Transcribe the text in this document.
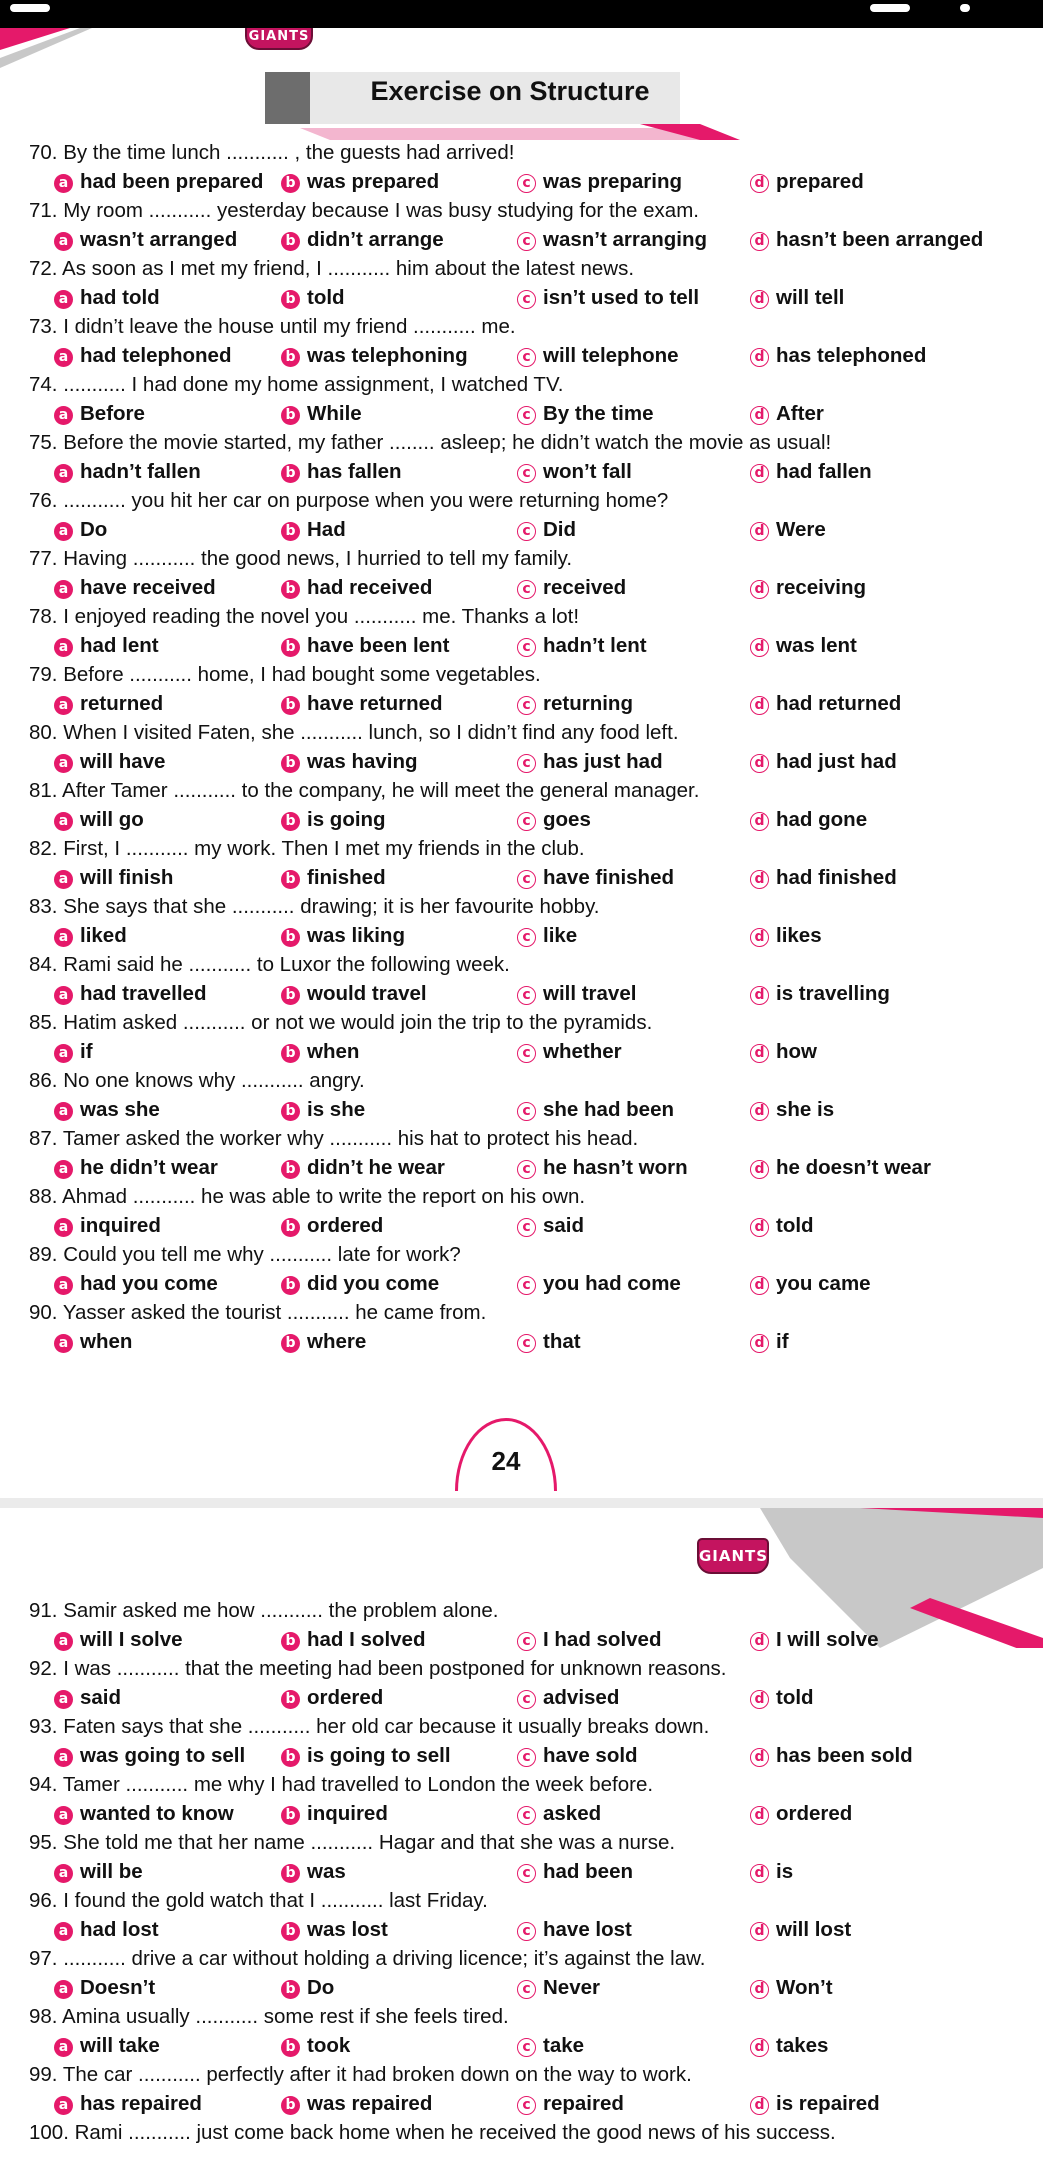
GIANTS
Exercise on Structure
70. By the time lunch ........... , the guests had arrived!
a had been prepared	b was prepared	c was preparing	d prepared
71. My room ........... yesterday because I was busy studying for the exam.
a wasn’t arranged	b didn’t arrange	c wasn’t arranging	d hasn’t been arranged
72. As soon as I met my friend, I ........... him about the latest news.
a had told	b told	c isn’t used to tell	d will tell
73. I didn’t leave the house until my friend ........... me.
a had telephoned	b was telephoning	c will telephone	d has telephoned
74. ........... I had done my home assignment, I watched TV.
a Before	b While	c By the time	d After
75. Before the movie started, my father ........ asleep; he didn’t watch the movie as usual!
a hadn’t fallen	b has fallen	c won’t fall	d had fallen
76. ........... you hit her car on purpose when you were returning home?
a Do	b Had	c Did	d Were
77. Having ........... the good news, I hurried to tell my family.
a have received	b had received	c received	d receiving
78. I enjoyed reading the novel you ........... me. Thanks a lot!
a had lent	b have been lent	c hadn’t lent	d was lent
79. Before ........... home, I had bought some vegetables.
a returned	b have returned	c returning	d had returned
80. When I visited Faten, she ........... lunch, so I didn’t find any food left.
a will have	b was having	c has just had	d had just had
81. After Tamer ........... to the company, he will meet the general manager.
a will go	b is going	c goes	d had gone
82. First, I ........... my work. Then I met my friends in the club.
a will finish	b finished	c have finished	d had finished
83. She says that she ........... drawing; it is her favourite hobby.
a liked	b was liking	c like	d likes
84. Rami said he ........... to Luxor the following week.
a had travelled	b would travel	c will travel	d is travelling
85. Hatim asked ........... or not we would join the trip to the pyramids.
a if	b when	c whether	d how
86. No one knows why ........... angry.
a was she	b is she	c she had been	d she is
87. Tamer asked the worker why ........... his hat to protect his head.
a he didn’t wear	b didn’t he wear	c he hasn’t worn	d he doesn’t wear
88. Ahmad ........... he was able to write the report on his own.
a inquired	b ordered	c said	d told
89. Could you tell me why ........... late for work?
a had you come	b did you come	c you had come	d you came
90. Yasser asked the tourist ........... he came from.
a when	b where	c that	d if
24
GIANTS
91. Samir asked me how ........... the problem alone.
a will I solve	b had I solved	c I had solved	d I will solve
92. I was ........... that the meeting had been postponed for unknown reasons.
a said	b ordered	c advised	d told
93. Faten says that she ........... her old car because it usually breaks down.
a was going to sell	b is going to sell	c have sold	d has been sold
94. Tamer ........... me why I had travelled to London the week before.
a wanted to know	b inquired	c asked	d ordered
95. She told me that her name ........... Hagar and that she was a nurse.
a will be	b was	c had been	d is
96. I found the gold watch that I ........... last Friday.
a had lost	b was lost	c have lost	d will lost
97. ........... drive a car without holding a driving licence; it’s against the law.
a Doesn’t	b Do	c Never	d Won’t
98. Amina usually ........... some rest if she feels tired.
a will take	b took	c take	d takes
99. The car ........... perfectly after it had broken down on the way to work.
a has repaired	b was repaired	c repaired	d is repaired
100. Rami ........... just come back home when he received the good news of his success.
